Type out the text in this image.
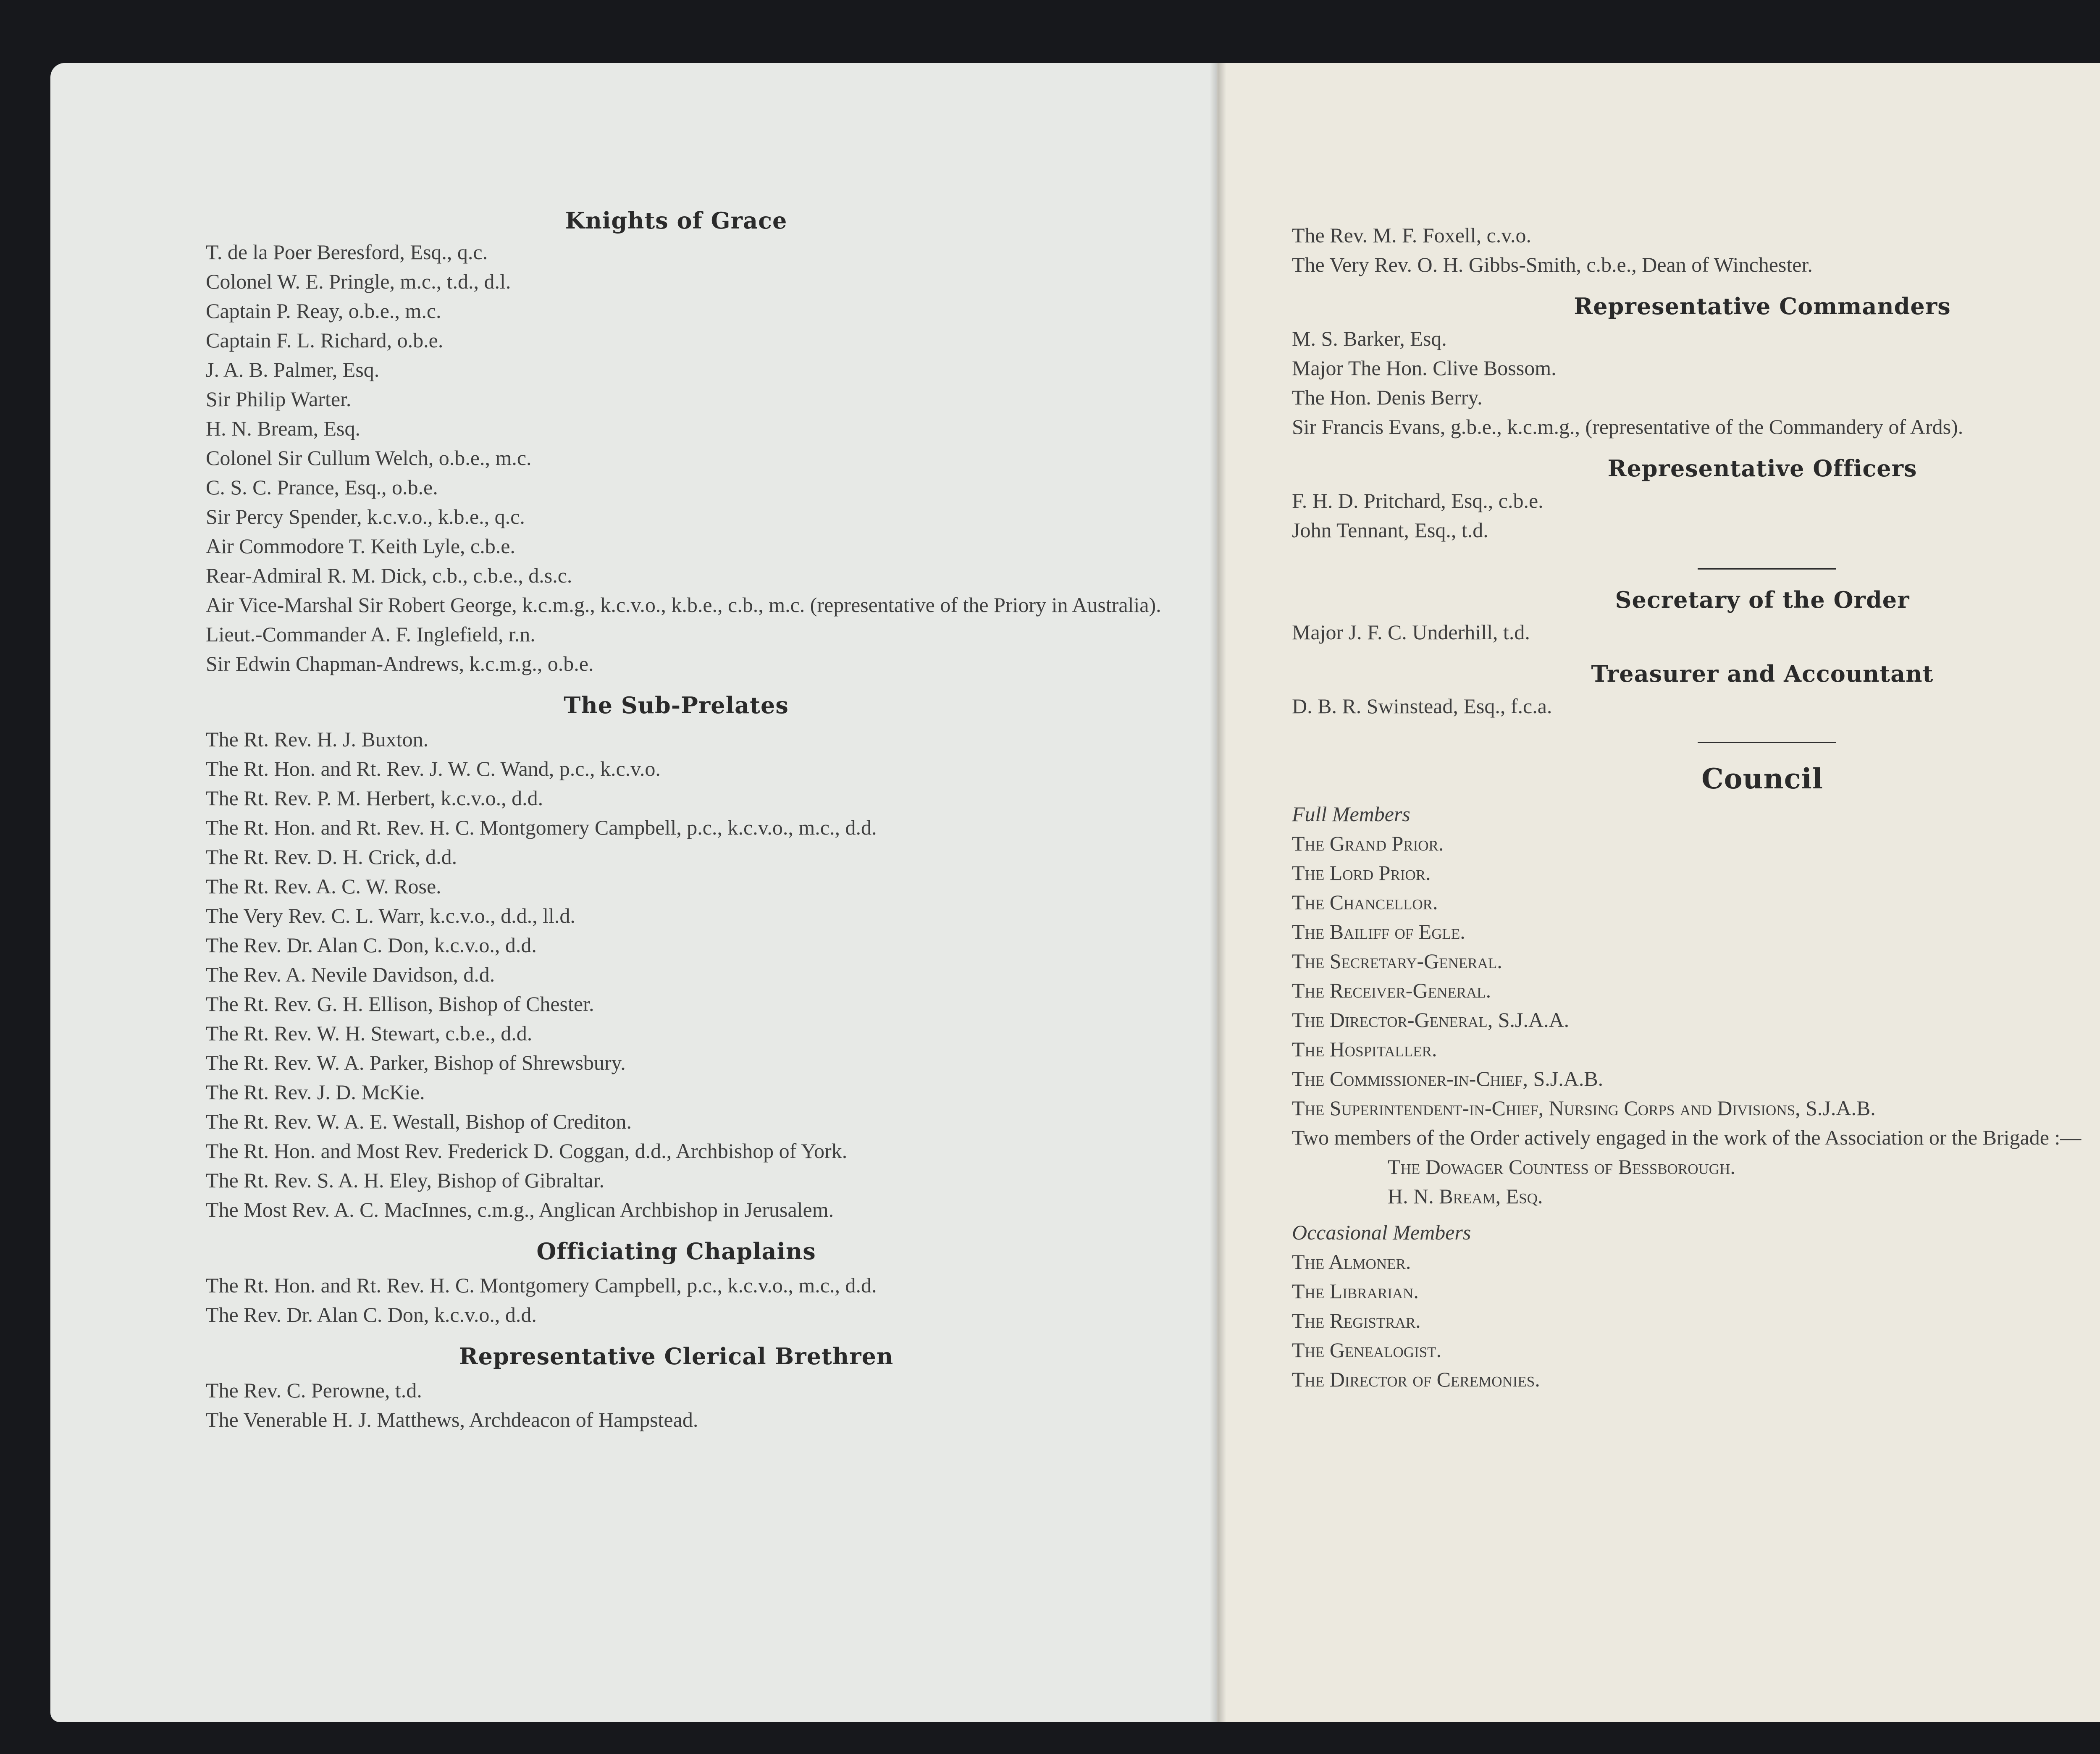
Knights of Grace
T. de la Poer Beresford, Esq., q.c.
Colonel W. E. Pringle, m.c., t.d., d.l.
Captain P. Reay, o.b.e., m.c.
Captain F. L. Richard, o.b.e.
J. A. B. Palmer, Esq.
Sir Philip Warter.
H. N. Bream, Esq.
Colonel Sir Cullum Welch, o.b.e., m.c.
C. S. C. Prance, Esq., o.b.e.
Sir Percy Spender, k.c.v.o., k.b.e., q.c.
Air Commodore T. Keith Lyle, c.b.e.
Rear-Admiral R. M. Dick, c.b., c.b.e., d.s.c.
Air Vice-Marshal Sir Robert George, k.c.m.g., k.c.v.o., k.b.e., c.b., m.c. (representative of the Priory in Australia).
Lieut.-Commander A. F. Inglefield, r.n.
Sir Edwin Chapman-Andrews, k.c.m.g., o.b.e.
The Sub-Prelates
The Rt. Rev. H. J. Buxton.
The Rt. Hon. and Rt. Rev. J. W. C. Wand, p.c., k.c.v.o.
The Rt. Rev. P. M. Herbert, k.c.v.o., d.d.
The Rt. Hon. and Rt. Rev. H. C. Montgomery Campbell, p.c., k.c.v.o., m.c., d.d.
The Rt. Rev. D. H. Crick, d.d.
The Rt. Rev. A. C. W. Rose.
The Very Rev. C. L. Warr, k.c.v.o., d.d., ll.d.
The Rev. Dr. Alan C. Don, k.c.v.o., d.d.
The Rev. A. Nevile Davidson, d.d.
The Rt. Rev. G. H. Ellison, Bishop of Chester.
The Rt. Rev. W. H. Stewart, c.b.e., d.d.
The Rt. Rev. W. A. Parker, Bishop of Shrewsbury.
The Rt. Rev. J. D. McKie.
The Rt. Rev. W. A. E. Westall, Bishop of Crediton.
The Rt. Hon. and Most Rev. Frederick D. Coggan, d.d., Archbishop of York.
The Rt. Rev. S. A. H. Eley, Bishop of Gibraltar.
The Most Rev. A. C. MacInnes, c.m.g., Anglican Archbishop in Jerusalem.
Officiating Chaplains
The Rt. Hon. and Rt. Rev. H. C. Montgomery Campbell, p.c., k.c.v.o., m.c., d.d.
The Rev. Dr. Alan C. Don, k.c.v.o., d.d.
Representative Clerical Brethren
The Rev. C. Perowne, t.d.
The Venerable H. J. Matthews, Archdeacon of Hampstead.
The Rev. M. F. Foxell, c.v.o.
The Very Rev. O. H. Gibbs-Smith, c.b.e., Dean of Winchester.
Representative Commanders
M. S. Barker, Esq.
Major The Hon. Clive Bossom.
The Hon. Denis Berry.
Sir Francis Evans, g.b.e., k.c.m.g., (representative of the Commandery of Ards).
Representative Officers
F. H. D. Pritchard, Esq., c.b.e.
John Tennant, Esq., t.d.
Secretary of the Order
Major J. F. C. Underhill, t.d.
Treasurer and Accountant
D. B. R. Swinstead, Esq., f.c.a.
Council
Full Members
The Grand Prior.
The Lord Prior.
The Chancellor.
The Bailiff of Egle.
The Secretary-General.
The Receiver-General.
The Director-General, S.J.A.A.
The Hospitaller.
The Commissioner-in-Chief, S.J.A.B.
The Superintendent-in-Chief, Nursing Corps and Divisions, S.J.A.B.
Two members of the Order actively engaged in the work of the Association or the Brigade :—
The Dowager Countess of Bessborough.
H. N. Bream, Esq.
Occasional Members
The Almoner.
The Librarian.
The Registrar.
The Genealogist.
The Director of Ceremonies.
